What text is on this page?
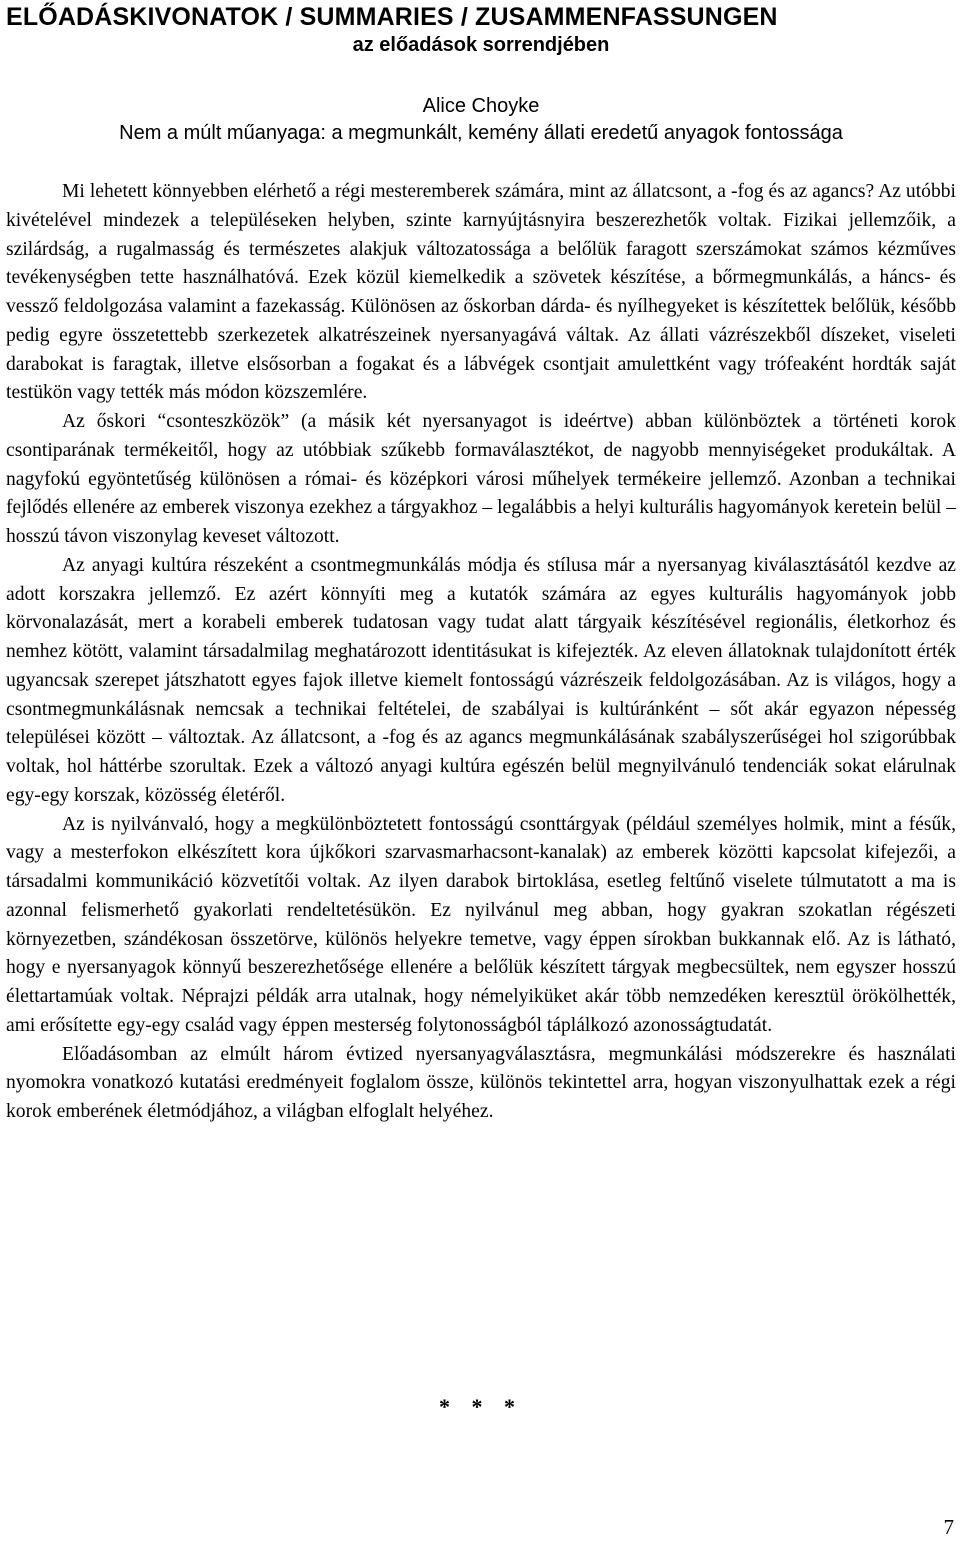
ELŐADÁSKIVONATOK / SUMMARIES / ZUSAMMENFASSUNGEN
az előadások sorrendjében
Alice Choyke
Nem a múlt műanyaga: a megmunkált, kemény állati eredetű anyagok fontossága

Mi lehetett könnyebben elérhető a régi mesteremberek számára, mint az állatcsont, a -fog és az agancs? Az utóbbi kivételével mindezek a településeken helyben, szinte karnyújtásnyira beszerezhetők voltak. Fizikai jellemzőik, a szilárdság, a rugalmasság és természetes alakjuk változatossága a belőlük faragott szerszámokat számos kézműves tevékenységben tette használhatóvá. Ezek közül kiemelkedik a szövetek készítése, a bőrmegmunkálás, a háncs- és vessző feldolgozása valamint a fazekasság. Különösen az őskorban dárda- és nyílhegyeket is készítettek belőlük, később pedig egyre összetettebb szerkezetek alkatrészeinek nyersanyagává váltak. Az állati vázrészekből díszeket, viseleti darabokat is faragtak, illetve elsősorban a fogakat és a lábvégek csontjait amulettként vagy trófeaként hordták saját testükön vagy tették más módon közszemlére.

Az őskori “csonteszközök” (a másik két nyersanyagot is ideértve) abban különböztek a történeti korok csontiparának termékeitől, hogy az utóbbiak szűkebb formaválasztékot, de nagyobb mennyiségeket produkáltak. A nagyfokú egyöntetűség különösen a római- és középkori városi műhelyek termékeire jellemző. Azonban a technikai fejlődés ellenére az emberek viszonya ezekhez a tárgyakhoz – legalábbis a helyi kulturális hagyományok keretein belül – hosszú távon viszonylag keveset változott.

Az anyagi kultúra részeként a csontmegmunkálás módja és stílusa már a nyersanyag kiválasztásától kezdve az adott korszakra jellemző. Ez azért könnyíti meg a kutatók számára az egyes kulturális hagyományok jobb körvonalazását, mert a korabeli emberek tudatosan vagy tudat alatt tárgyaik készítésével regionális, életkorhoz és nemhez kötött, valamint társadalmilag meghatározott identitásukat is kifejezték. Az eleven állatoknak tulajdonított érték ugyancsak szerepet játszhatott egyes fajok illetve kiemelt fontosságú vázrészeik feldolgozásában. Az is világos, hogy a csontmegmunkálásnak nemcsak a technikai feltételei, de szabályai is kultúránként – sőt akár egyazon népesség települései között – változtak. Az állatcsont, a -fog és az agancs megmunkálásának szabályszerűségei hol szigorúbbak voltak, hol háttérbe szorultak. Ezek a változó anyagi kultúra egészén belül megnyilvánuló tendenciák sokat elárulnak egy-egy korszak, közösség életéről.

Az is nyilvánvaló, hogy a megkülönböztetett fontosságú csonttárgyak (például személyes holmik, mint a fésűk, vagy a mesterfokon elkészített kora újkőkori szarvasmarhacsont-kanalak) az emberek közötti kapcsolat kifejezői, a társadalmi kommunikáció közvetítői voltak. Az ilyen darabok birtoklása, esetleg feltűnő viselete túlmutatott a ma is azonnal felismerhető gyakorlati rendeltetésükön. Ez nyilvánul meg abban, hogy gyakran szokatlan régészeti környezetben, szándékosan összetörve, különös helyekre temetve, vagy éppen sírokban bukkannak elő. Az is látható, hogy e nyersanyagok könnyű beszerezhetősége ellenére a belőlük készített tárgyak megbecsültek, nem egyszer hosszú élettartamúak voltak. Néprajzi példák arra utalnak, hogy némelyiküket akár több nemzedéken keresztül örökölhették, ami erősítette egy-egy család vagy éppen mesterség folytonosságból táplálkozó azonosságtudatát.

Előadásomban az elmúlt három évtized nyersanyagválasztásra, megmunkálási módszerekre és használati nyomokra vonatkozó kutatási eredményeit foglalom össze, különös tekintettel arra, hogyan viszonyulhattak ezek a régi korok emberének életmódjához, a világban elfoglalt helyéhez.

* * *
7
